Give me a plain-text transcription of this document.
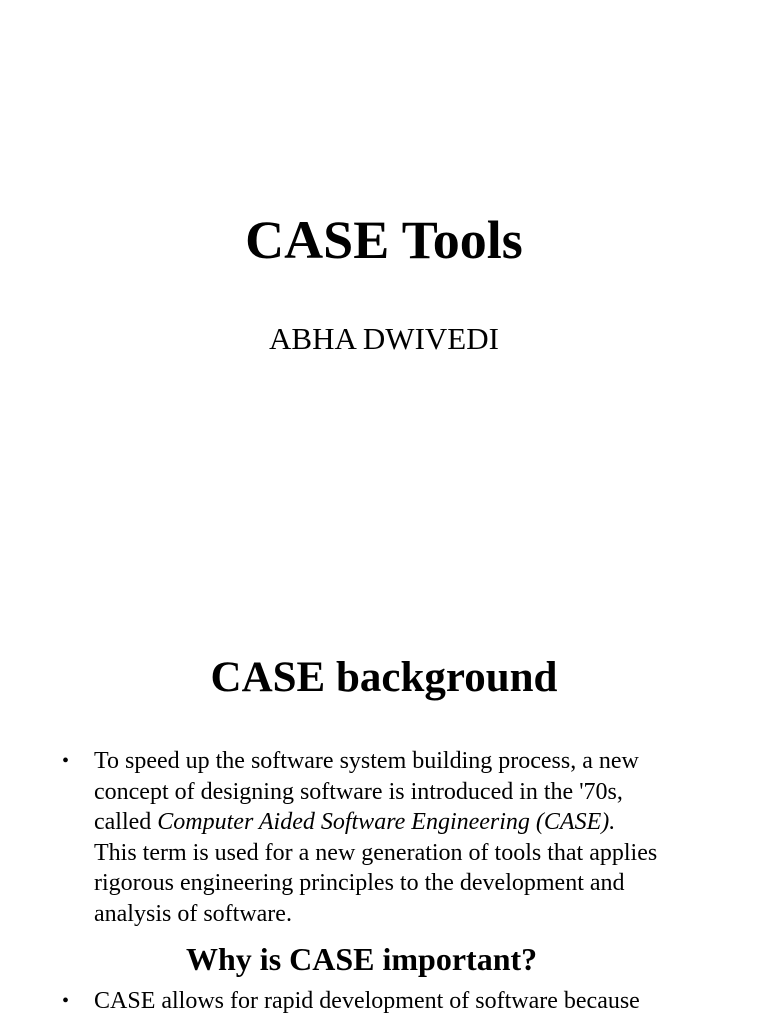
CASE Tools

ABHA DWIVEDI

CASE background
•	To speed up the software system building process, a new
concept of designing software is introduced in the '70s,
called Computer Aided Software Engineering (CASE).
This term is used for a new generation of tools that applies
rigorous engineering principles to the development and
analysis of software.
Why is CASE important?
•	CASE allows for rapid development of software because
